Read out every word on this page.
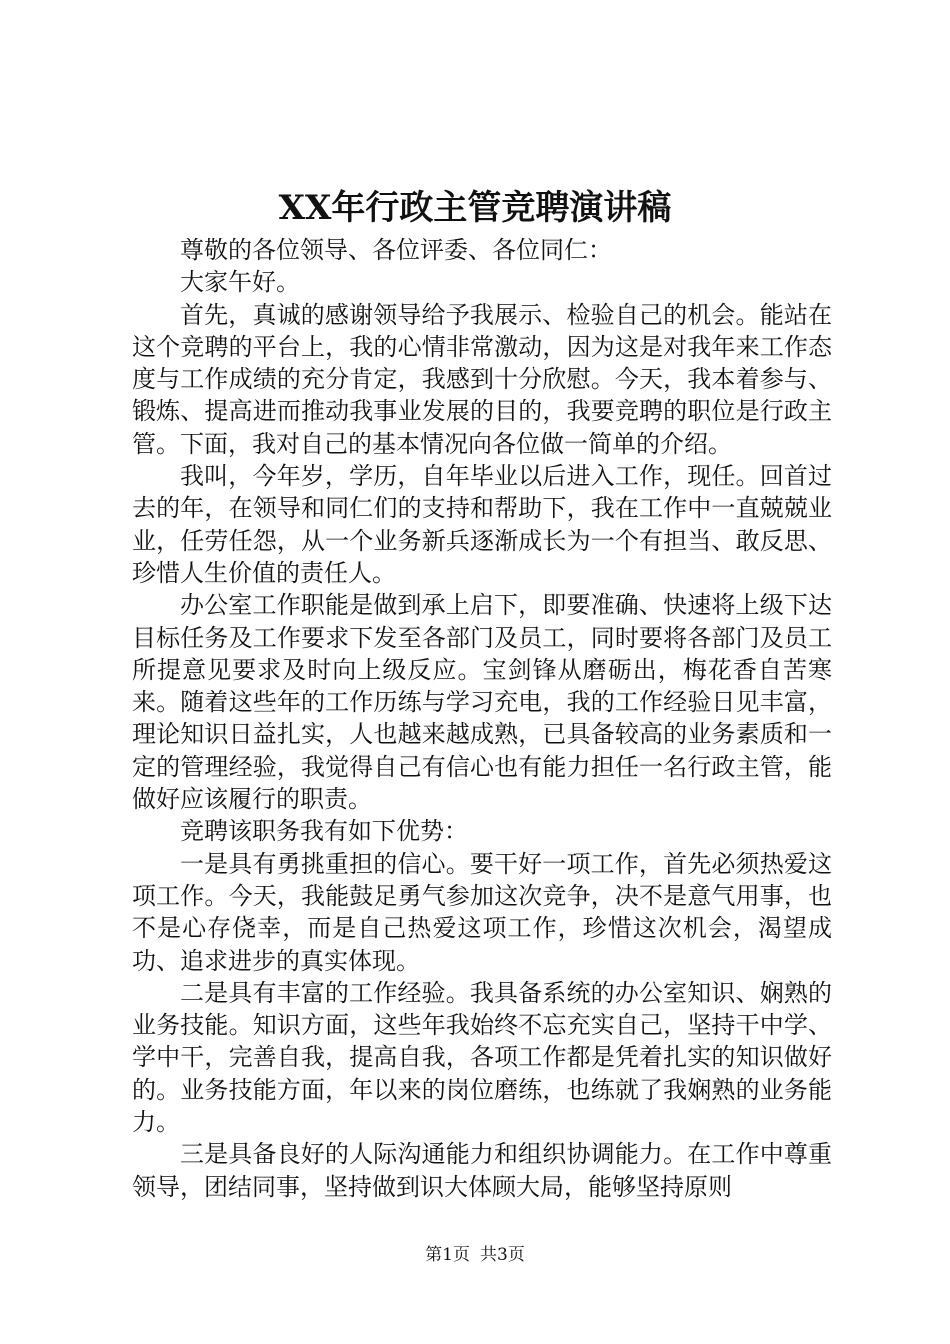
XX年行政主管竞聘演讲稿

尊敬的各位领导、各位评委、各位同仁：

大家午好。

首先，真诚的感谢领导给予我展示、检验自己的机会。能站在这个竞聘的平台上，我的心情非常激动，因为这是对我年来工作态度与工作成绩的充分肯定，我感到十分欣慰。今天，我本着参与、锻炼、提高进而推动我事业发展的目的，我要竞聘的职位是行政主管。下面，我对自己的基本情况向各位做一简单的介绍。

我叫，今年岁，学历，自年毕业以后进入工作，现任。回首过去的年，在领导和同仁们的支持和帮助下，我在工作中一直兢兢业业，任劳任怨，从一个业务新兵逐渐成长为一个有担当、敢反思、珍惜人生价值的责任人。

办公室工作职能是做到承上启下，即要准确、快速将上级下达目标任务及工作要求下发至各部门及员工，同时要将各部门及员工所提意见要求及时向上级反应。宝剑锋从磨砺出，梅花香自苦寒来。随着这些年的工作历练与学习充电，我的工作经验日见丰富，理论知识日益扎实，人也越来越成熟，已具备较高的业务素质和一定的管理经验，我觉得自己有信心也有能力担任一名行政主管，能做好应该履行的职责。

竞聘该职务我有如下优势：

一是具有勇挑重担的信心。要干好一项工作，首先必须热爱这项工作。今天，我能鼓足勇气参加这次竞争，决不是意气用事，也不是心存侥幸，而是自己热爱这项工作，珍惜这次机会，渴望成功、追求进步的真实体现。

二是具有丰富的工作经验。我具备系统的办公室知识、娴熟的业务技能。知识方面，这些年我始终不忘充实自己，坚持干中学、学中干，完善自我，提高自我，各项工作都是凭着扎实的知识做好的。业务技能方面，年以来的岗位磨练，也练就了我娴熟的业务能力。

三是具备良好的人际沟通能力和组织协调能力。在工作中尊重领导，团结同事，坚持做到识大体顾大局，能够坚持原则

第1页 共3页
